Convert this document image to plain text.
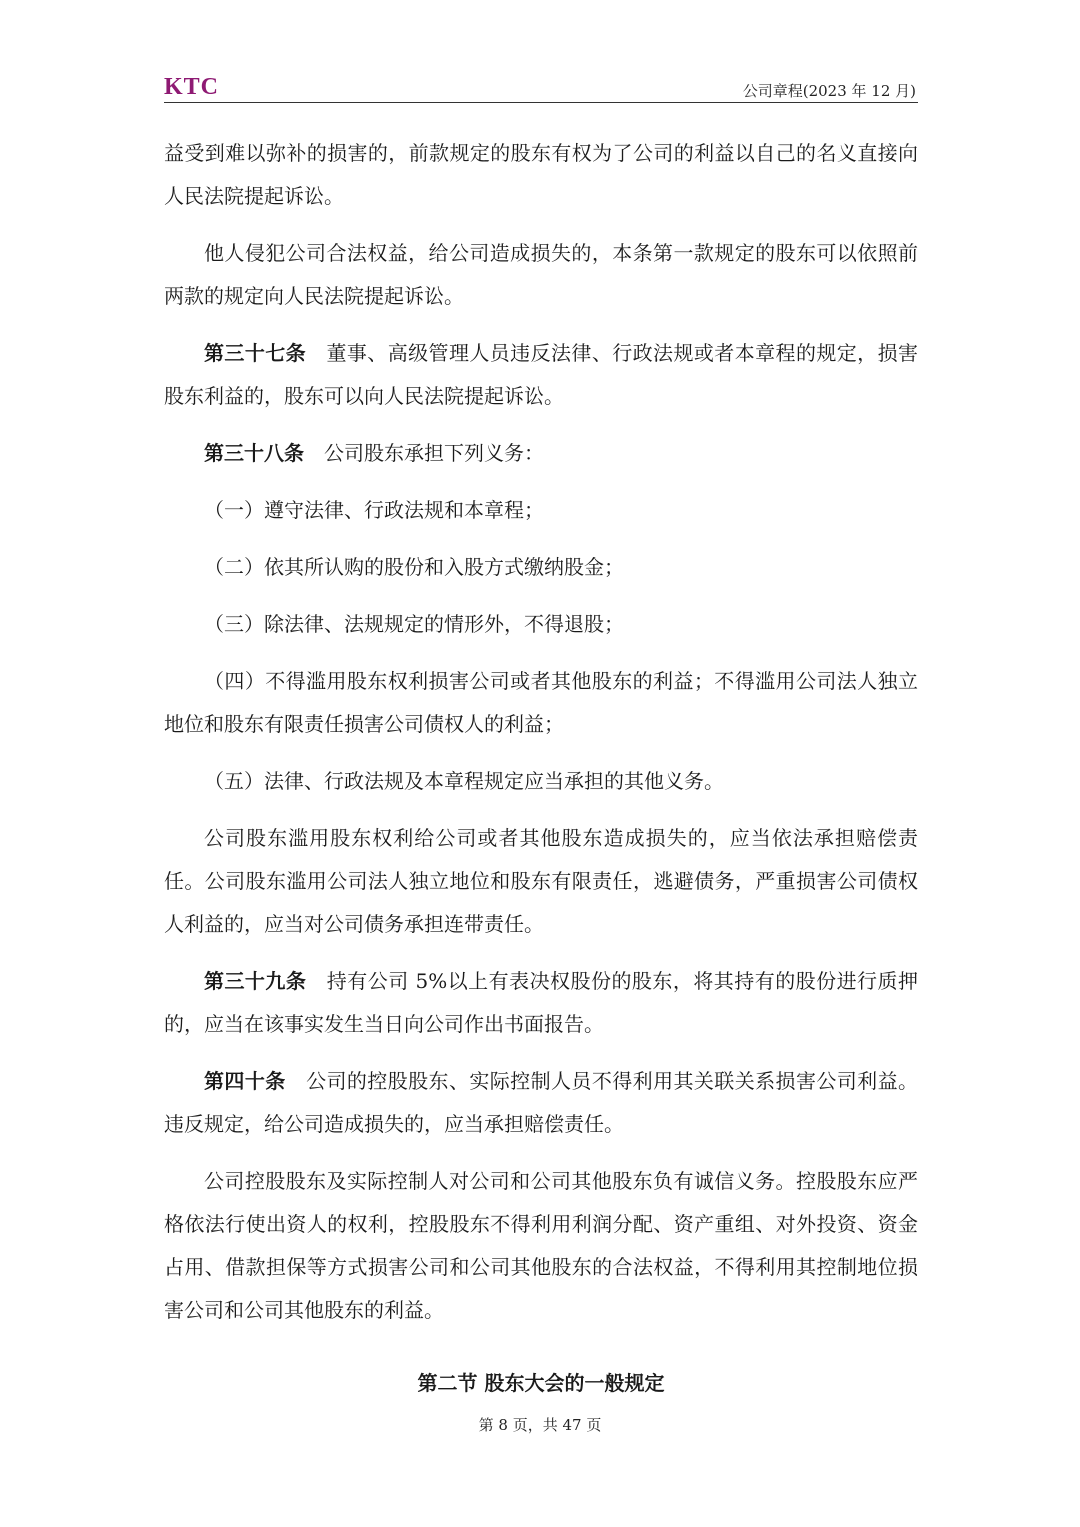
KTC	公司章程(2023 年 12 月)

益受到难以弥补的损害的，前款规定的股东有权为了公司的利益以自己的名义直接向人民法院提起诉讼。

他人侵犯公司合法权益，给公司造成损失的，本条第一款规定的股东可以依照前两款的规定向人民法院提起诉讼。

第三十七条  董事、高级管理人员违反法律、行政法规或者本章程的规定，损害股东利益的，股东可以向人民法院提起诉讼。

第三十八条  公司股东承担下列义务：

（一）遵守法律、行政法规和本章程；

（二）依其所认购的股份和入股方式缴纳股金；

（三）除法律、法规规定的情形外，不得退股；

（四）不得滥用股东权利损害公司或者其他股东的利益；不得滥用公司法人独立地位和股东有限责任损害公司债权人的利益；

（五）法律、行政法规及本章程规定应当承担的其他义务。

公司股东滥用股东权利给公司或者其他股东造成损失的，应当依法承担赔偿责任。公司股东滥用公司法人独立地位和股东有限责任，逃避债务，严重损害公司债权人利益的，应当对公司债务承担连带责任。

第三十九条  持有公司 5%以上有表决权股份的股东，将其持有的股份进行质押的，应当在该事实发生当日向公司作出书面报告。

第四十条  公司的控股股东、实际控制人员不得利用其关联关系损害公司利益。违反规定，给公司造成损失的，应当承担赔偿责任。

公司控股股东及实际控制人对公司和公司其他股东负有诚信义务。控股股东应严格依法行使出资人的权利，控股股东不得利用利润分配、资产重组、对外投资、资金占用、借款担保等方式损害公司和公司其他股东的合法权益，不得利用其控制地位损害公司和公司其他股东的利益。

第二节 股东大会的一般规定
第 8 页，共 47 页
